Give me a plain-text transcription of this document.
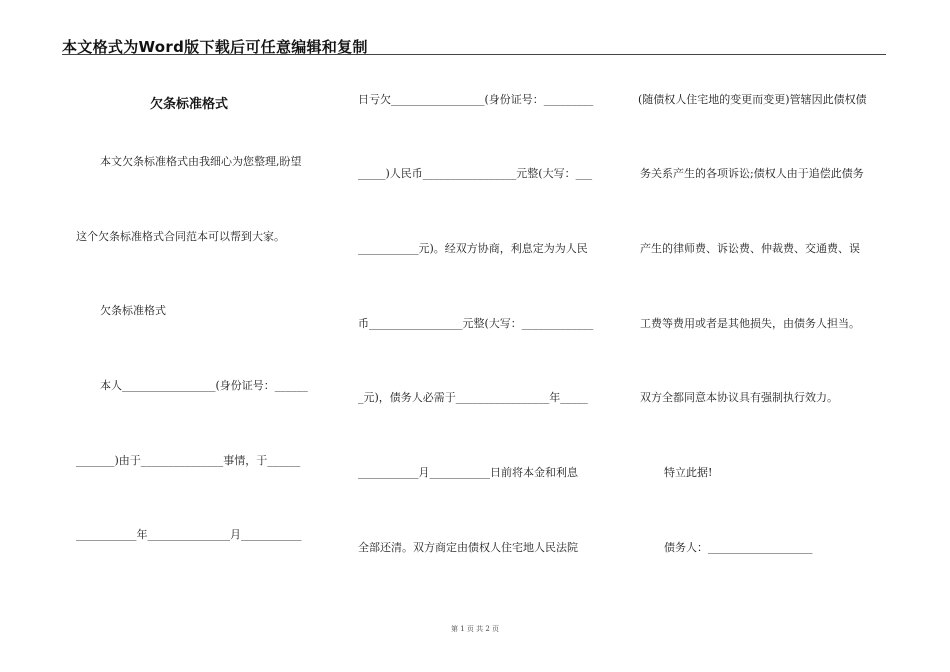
本文格式为Word版下载后可任意编辑和复制
欠条标准格式
本文欠条标准格式由我细心为您整理,盼望
这个欠条标准格式合同范本可以帮到大家。
欠条标准格式
本人_________________(身份证号：______
_______)由于_______________事情，于______
___________年_______________月___________
日亏欠_________________(身份证号：_________
_____)人民币_________________元整(大写：___
___________元)。经双方协商，利息定为为人民
币_________________元整(大写：_____________
_元)，债务人必需于_________________年_____
___________月___________日前将本金和利息
全部还清。双方商定由债权人住宅地人民法院
(随债权人住宅地的变更而变更)管辖因此债权债
务关系产生的各项诉讼;债权人由于追偿此债务
产生的律师费、诉讼费、仲裁费、交通费、误
工费等费用或者是其他损失，由债务人担当。
双方全都同意本协议具有强制执行效力。
特立此据!
债务人：___________________
第 1 页 共 2 页
